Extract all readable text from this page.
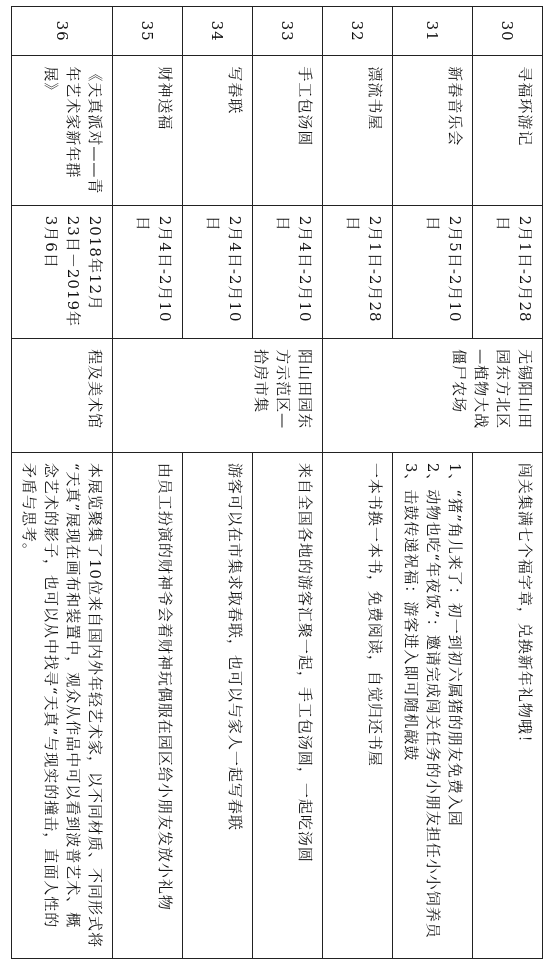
30	寻福环游记	2月1日-2月28日	无锡阳山田园东方北区—植物大战僵尸农场	闯关集满七个福字章，兑换新年礼物哦！

31	新春音乐会	2月5日-2月10日		1、“猪”角儿来了：初一到初六属猪的朋友免费入园
2、动物也吃“年夜饭”：邀请完成闯关任务的小朋友担任小小饲养员
3、击鼓传递祝福：游客进入即可随机敲鼓

32	漂流书屋	2月1日-2月28日		一本书换一本书，免费阅读，自觉归还书屋

33	手工包汤圆	2月4日-2月10日	阳山田园东方示范区—拾房市集	来自全国各地的游客汇聚一起，手工包汤圆，一起吃汤圆

34	写春联	2月4日-2月10日		游客可以在市集求取春联，也可以与家人一起写春联

35	财神送福	2月4日-2月10日		由员工扮演的财神爷会着财神玩偶服在园区给小朋友发放小礼物

36	《天真派对——青年艺术家新年群展》	2018年12月23日－2019年3月6日	程及美术馆	本展览聚集了10位来自国内外年轻艺术家，以不同材质、不同形式将
“天真”展现在画布和装置中，观众从作品中可以看到波普艺术、概
念艺术的影子，也可以从中找寻“天真”与现实的撞击，直面人性的
矛盾与思考。
